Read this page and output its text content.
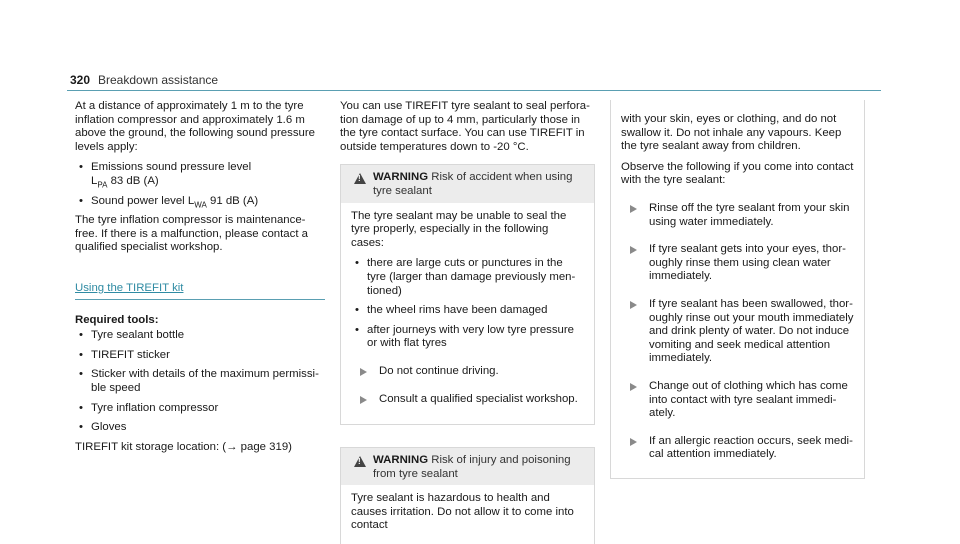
320 Breakdown assistance

At a distance of approximately 1 m to the tyre inflation compressor and approximately 1.6 m above the ground, the following sound pressure levels apply:

• Emissions sound pressure level
$L_{PA}$ 83 dB (A)
• Sound power level $L_{WA}$ 91 dB (A)

The tyre inflation compressor is maintenance-free. If there is a malfunction, please contact a qualified specialist workshop.

Using the TIREFIT kit
Required tools:
• Tyre sealant bottle
• TIREFIT sticker
• Sticker with details of the maximum permissible speed
• Tyre inflation compressor
• Gloves

TIREFIT kit storage location: (→ page 319)

You can use TIREFIT tyre sealant to seal perforation damage of up to 4 mm, particularly those in the tyre contact surface. You can use TIREFIT in outside temperatures down to -20 °C.

!
WARNING Risk of accident when using tyre sealant

The tyre sealant may be unable to seal the tyre properly, especially in the following cases:

• there are large cuts or punctures in the tyre (larger than damage previously mentioned)
• the wheel rims have been damaged
• after journeys with very low tyre pressure or with flat tyres
Do not continue driving.
Consult a qualified specialist workshop.
!
WARNING Risk of injury and poisoning from tyre sealant

Tyre sealant is hazardous to health and causes irritation. Do not allow it to come into contact

with your skin, eyes or clothing, and do not swallow it. Do not inhale any vapours. Keep the tyre sealant away from children.

Observe the following if you come into contact with the tyre sealant:

Rinse off the tyre sealant from your skin using water immediately.
If tyre sealant gets into your eyes, thoroughly rinse them using clean water immediately.
If tyre sealant has been swallowed, thoroughly rinse out your mouth immediately and drink plenty of water. Do not induce vomiting and seek medical attention immediately.
Change out of clothing which has come into contact with tyre sealant immediately.
If an allergic reaction occurs, seek medical attention immediately.
